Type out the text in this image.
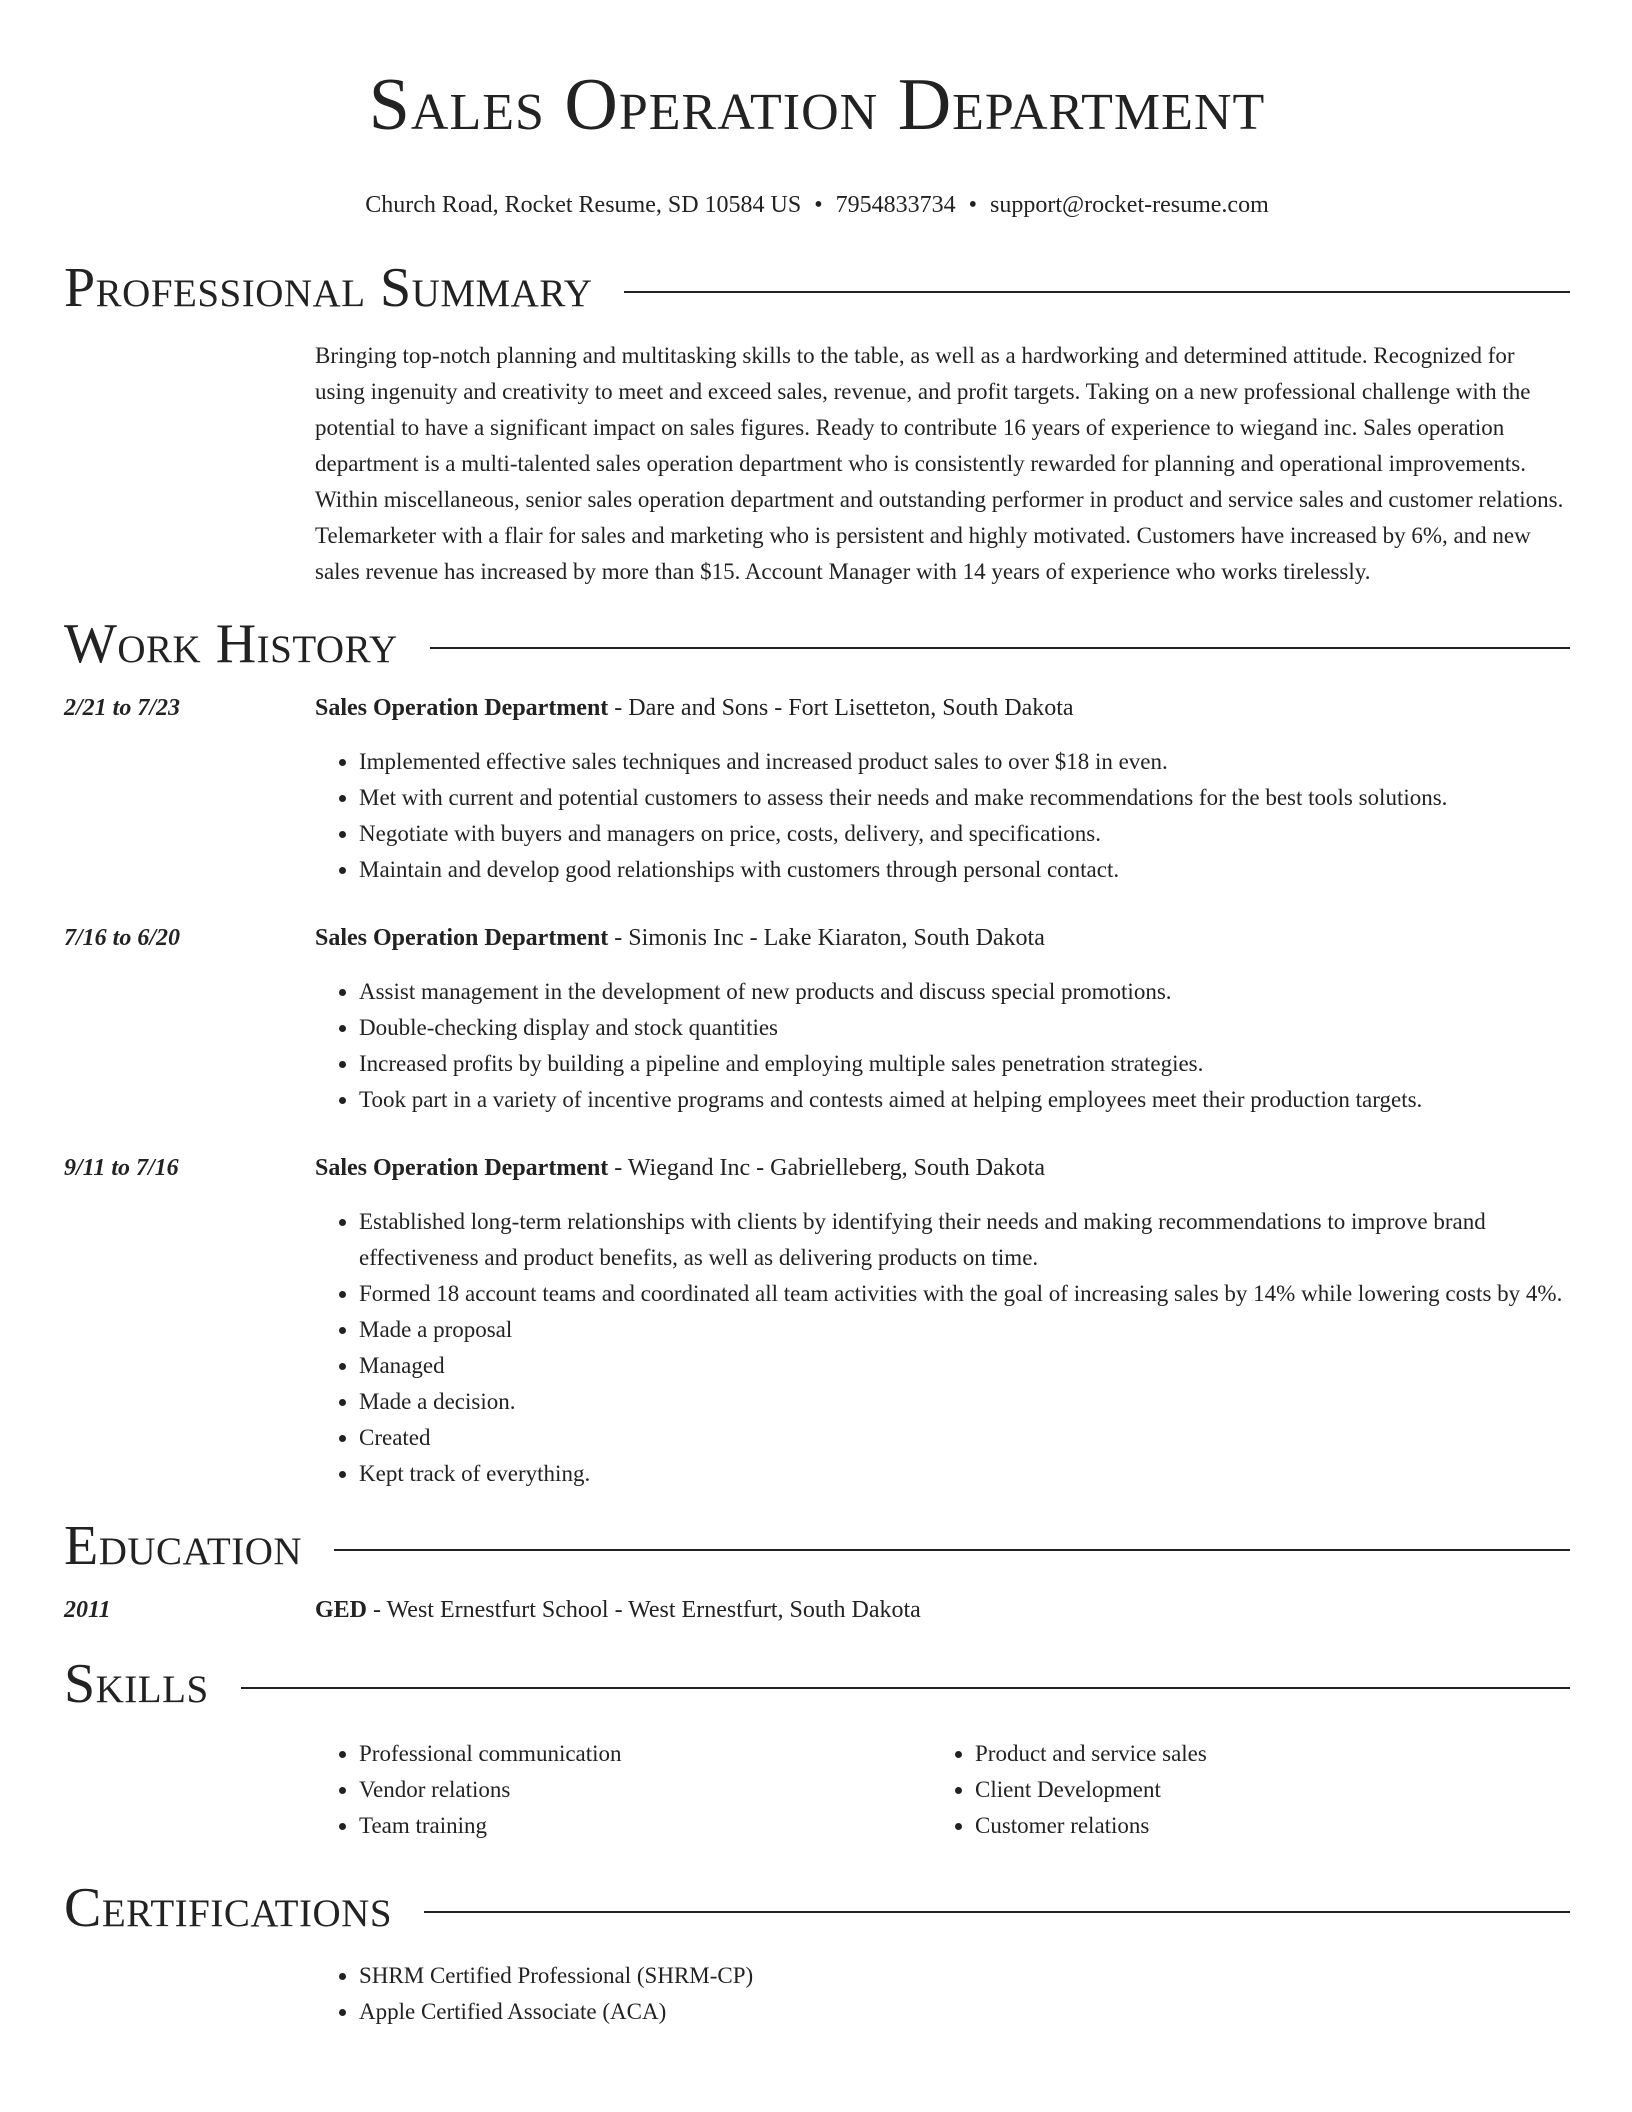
Sales Operation Department
Church Road, Rocket Resume, SD 10584 US • 7954833734 • support@rocket-resume.com
Professional Summary

Bringing top-notch planning and multitasking skills to the table, as well as a hardworking and determined attitude. Recognized for using ingenuity and creativity to meet and exceed sales, revenue, and profit targets. Taking on a new professional challenge with the potential to have a significant impact on sales figures. Ready to contribute 16 years of experience to wiegand inc. Sales operation department is a multi-talented sales operation department who is consistently rewarded for planning and operational improvements. Within miscellaneous, senior sales operation department and outstanding performer in product and service sales and customer relations. Telemarketer with a flair for sales and marketing who is persistent and highly motivated. Customers have increased by 6%, and new sales revenue has increased by more than $15. Account Manager with 14 years of experience who works tirelessly.

Work History
2/21 to 7/23	Sales Operation Department - Dare and Sons - Fort Lisetteton, South Dakota
• Implemented effective sales techniques and increased product sales to over $18 in even.
• Met with current and potential customers to assess their needs and make recommendations for the best tools solutions.
• Negotiate with buyers and managers on price, costs, delivery, and specifications.
• Maintain and develop good relationships with customers through personal contact.
7/16 to 6/20	Sales Operation Department - Simonis Inc - Lake Kiaraton, South Dakota
• Assist management in the development of new products and discuss special promotions.
• Double-checking display and stock quantities
• Increased profits by building a pipeline and employing multiple sales penetration strategies.
• Took part in a variety of incentive programs and contests aimed at helping employees meet their production targets.
9/11 to 7/16	Sales Operation Department - Wiegand Inc - Gabrielleberg, South Dakota
• Established long-term relationships with clients by identifying their needs and making recommendations to improve brand effectiveness and product benefits, as well as delivering products on time.
• Formed 18 account teams and coordinated all team activities with the goal of increasing sales by 14% while lowering costs by 4%.
• Made a proposal
• Managed
• Made a decision.
• Created
• Kept track of everything.
Education
2011	GED - West Ernestfurt School - West Ernestfurt, South Dakota
Skills
• Professional communication
• Vendor relations
• Team training
• Product and service sales
• Client Development
• Customer relations
Certifications
• SHRM Certified Professional (SHRM-CP)
• Apple Certified Associate (ACA)
